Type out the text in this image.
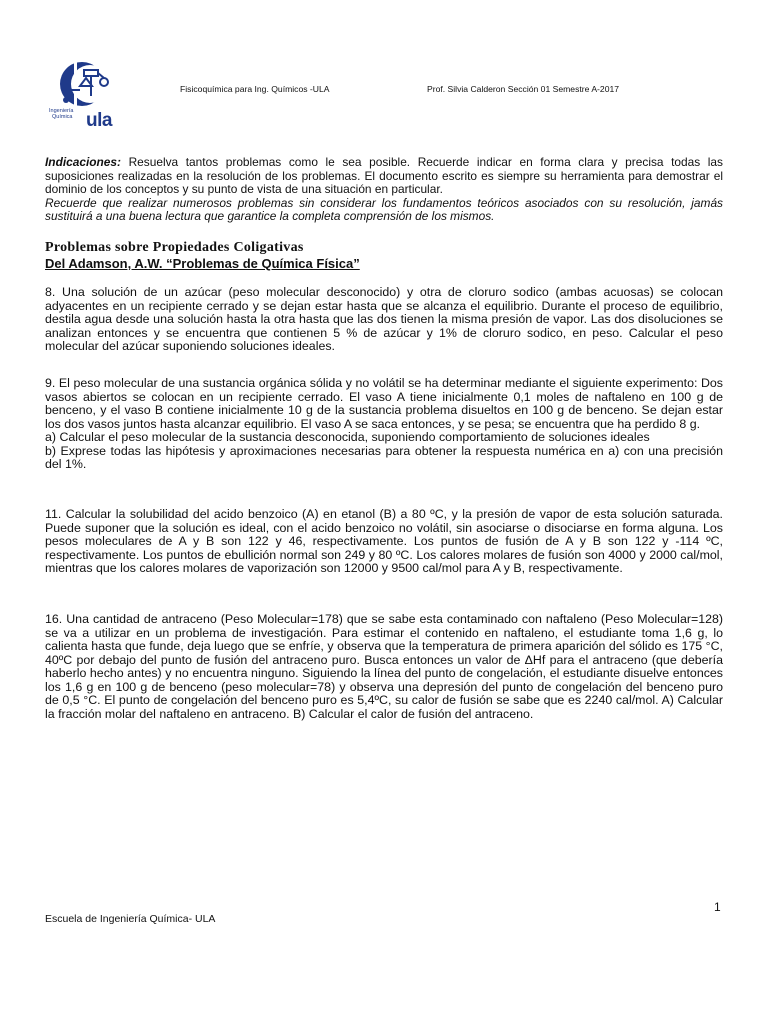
Ingeniería
Química ula
Fisicoquímica para Ing. Químicos -ULA	Prof. Silvia Calderon Sección 01 Semestre A-2017

Indicaciones: Resuelva tantos problemas como le sea posible. Recuerde indicar en forma clara y precisa todas las suposiciones realizadas en la resolución de los problemas. El documento escrito es siempre su herramienta para demostrar el dominio de los conceptos y su punto de vista de una situación en particular.

Recuerde que realizar numerosos problemas sin considerar los fundamentos teóricos asociados con su resolución, jamás sustituirá a una buena lectura que garantice la completa comprensión de los mismos.

Problemas sobre Propiedades Coligativas
Del Adamson, A.W. “Problemas de Química Física”

8. Una solución de un azúcar (peso molecular desconocido) y otra de cloruro sodico (ambas acuosas) se colocan adyacentes en un recipiente cerrado y se dejan estar hasta que se alcanza el equilibrio. Durante el proceso de equilibrio, destila agua desde una solución hasta la otra hasta que las dos tienen la misma presión de vapor. Las dos disoluciones se analizan entonces y se encuentra que contienen 5 % de azúcar y 1% de cloruro sodico, en peso. Calcular el peso molecular del azúcar suponiendo soluciones ideales.

9. El peso molecular de una sustancia orgánica sólida y no volátil se ha determinar mediante el siguiente experimento: Dos vasos abiertos se colocan en un recipiente cerrado. El vaso A tiene inicialmente 0,1 moles de naftaleno en 100 g de benceno, y el vaso B contiene inicialmente 10 g de la sustancia problema disueltos en 100 g de benceno. Se dejan estar los dos vasos juntos hasta alcanzar equilibrio. El vaso A se saca entonces, y se pesa; se encuentra que ha perdido 8 g.

a) Calcular el peso molecular de la sustancia desconocida, suponiendo comportamiento de soluciones ideales

b) Exprese todas las hipótesis y aproximaciones necesarias para obtener la respuesta numérica en a) con una precisión del 1%.

11. Calcular la solubilidad del acido benzoico (A) en etanol (B) a 80 ºC, y la presión de vapor de esta solución saturada. Puede suponer que la solución es ideal, con el acido benzoico no volátil, sin asociarse o disociarse en forma alguna. Los pesos moleculares de A y B son 122 y 46, respectivamente. Los puntos de fusión de A y B son 122 y -114 ºC, respectivamente. Los puntos de ebullición normal son 249 y 80 ºC. Los calores molares de fusión son 4000 y 2000 cal/mol, mientras que los calores molares de vaporización son 12000 y 9500 cal/mol para A y B, respectivamente.

16. Una cantidad de antraceno (Peso Molecular=178) que se sabe esta contaminado con naftaleno (Peso Molecular=128) se va a utilizar en un problema de investigación. Para estimar el contenido en naftaleno, el estudiante toma 1,6 g, lo calienta hasta que funde, deja luego que se enfríe, y observa que la temperatura de primera aparición del sólido es 175 °C, 40ºC por debajo del punto de fusión del antraceno puro. Busca entonces un valor de ΔHf para el antraceno (que debería haberlo hecho antes) y no encuentra ninguno. Siguiendo la línea del punto de congelación, el estudiante disuelve entonces los 1,6 g en 100 g de benceno (peso molecular=78) y observa una depresión del punto de congelación del benceno puro de 0,5 °C. El punto de congelación del benceno puro es 5,4ºC, su calor de fusión se sabe que es 2240 cal/mol. A) Calcular la fracción molar del naftaleno en antraceno. B) Calcular el calor de fusión del antraceno.

1
Escuela de Ingeniería Química- ULA
